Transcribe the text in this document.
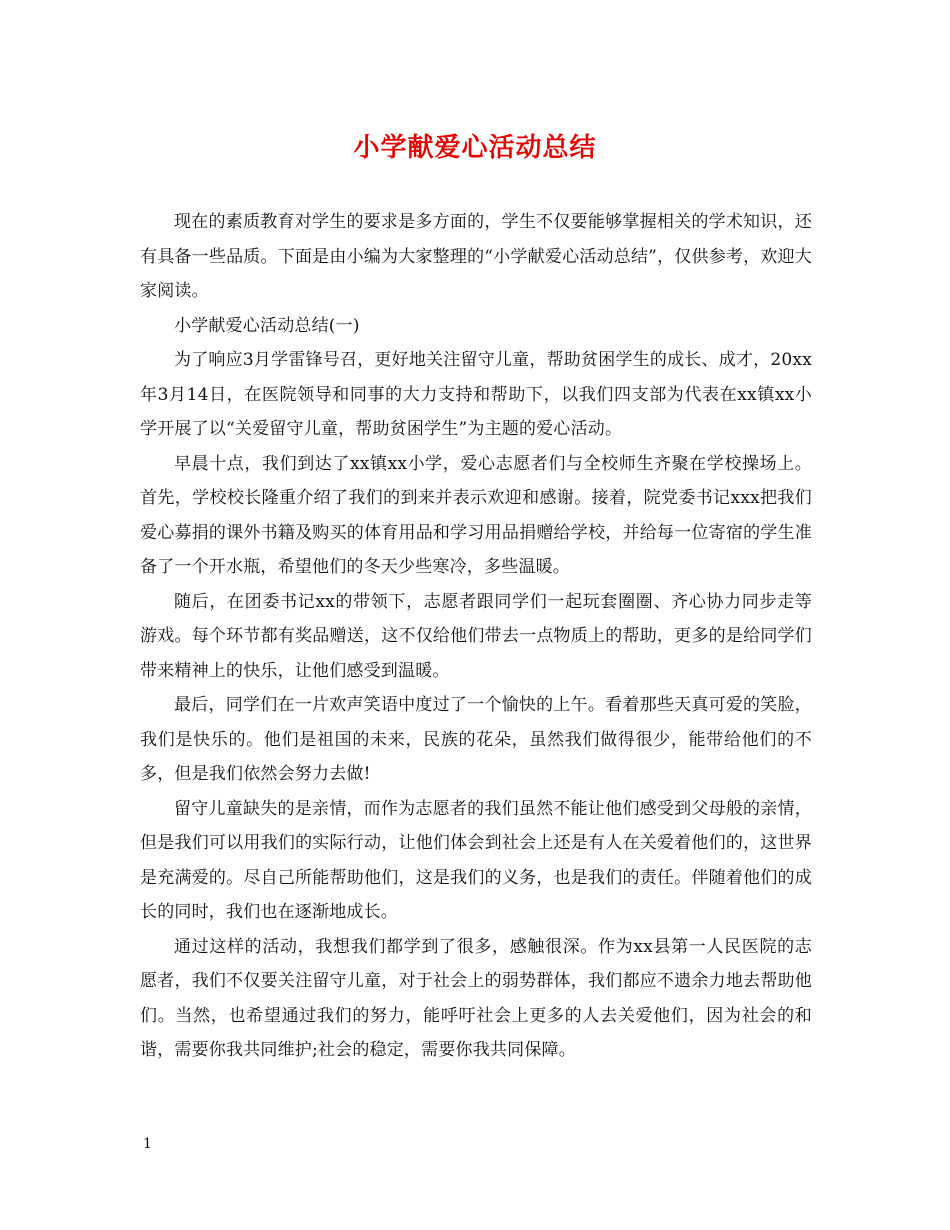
小学献爱心活动总结

现在的素质教育对学生的要求是多方面的，学生不仅要能够掌握相关的学术知识，还有具备一些品质。下面是由小编为大家整理的“小学献爱心活动总结”，仅供参考，欢迎大家阅读。

小学献爱心活动总结(一)

为了响应3月学雷锋号召，更好地关注留守儿童，帮助贫困学生的成长、成才，20xx年3月14日，在医院领导和同事的大力支持和帮助下，以我们四支部为代表在xx镇xx小学开展了以“关爱留守儿童，帮助贫困学生”为主题的爱心活动。

早晨十点，我们到达了xx镇xx小学，爱心志愿者们与全校师生齐聚在学校操场上。首先，学校校长隆重介绍了我们的到来并表示欢迎和感谢。接着，院党委书记xxx把我们爱心募捐的课外书籍及购买的体育用品和学习用品捐赠给学校，并给每一位寄宿的学生准备了一个开水瓶，希望他们的冬天少些寒冷，多些温暖。

随后，在团委书记xx的带领下，志愿者跟同学们一起玩套圈圈、齐心协力同步走等游戏。每个环节都有奖品赠送，这不仅给他们带去一点物质上的帮助，更多的是给同学们带来精神上的快乐，让他们感受到温暖。

最后，同学们在一片欢声笑语中度过了一个愉快的上午。看着那些天真可爱的笑脸，我们是快乐的。他们是祖国的未来，民族的花朵，虽然我们做得很少，能带给他们的不多，但是我们依然会努力去做!

留守儿童缺失的是亲情，而作为志愿者的我们虽然不能让他们感受到父母般的亲情，但是我们可以用我们的实际行动，让他们体会到社会上还是有人在关爱着他们的，这世界是充满爱的。尽自己所能帮助他们，这是我们的义务，也是我们的责任。伴随着他们的成长的同时，我们也在逐渐地成长。

通过这样的活动，我想我们都学到了很多，感触很深。作为xx县第一人民医院的志愿者，我们不仅要关注留守儿童，对于社会上的弱势群体，我们都应不遗余力地去帮助他们。当然，也希望通过我们的努力，能呼吁社会上更多的人去关爱他们，因为社会的和谐，需要你我共同维护;社会的稳定，需要你我共同保障。

1
